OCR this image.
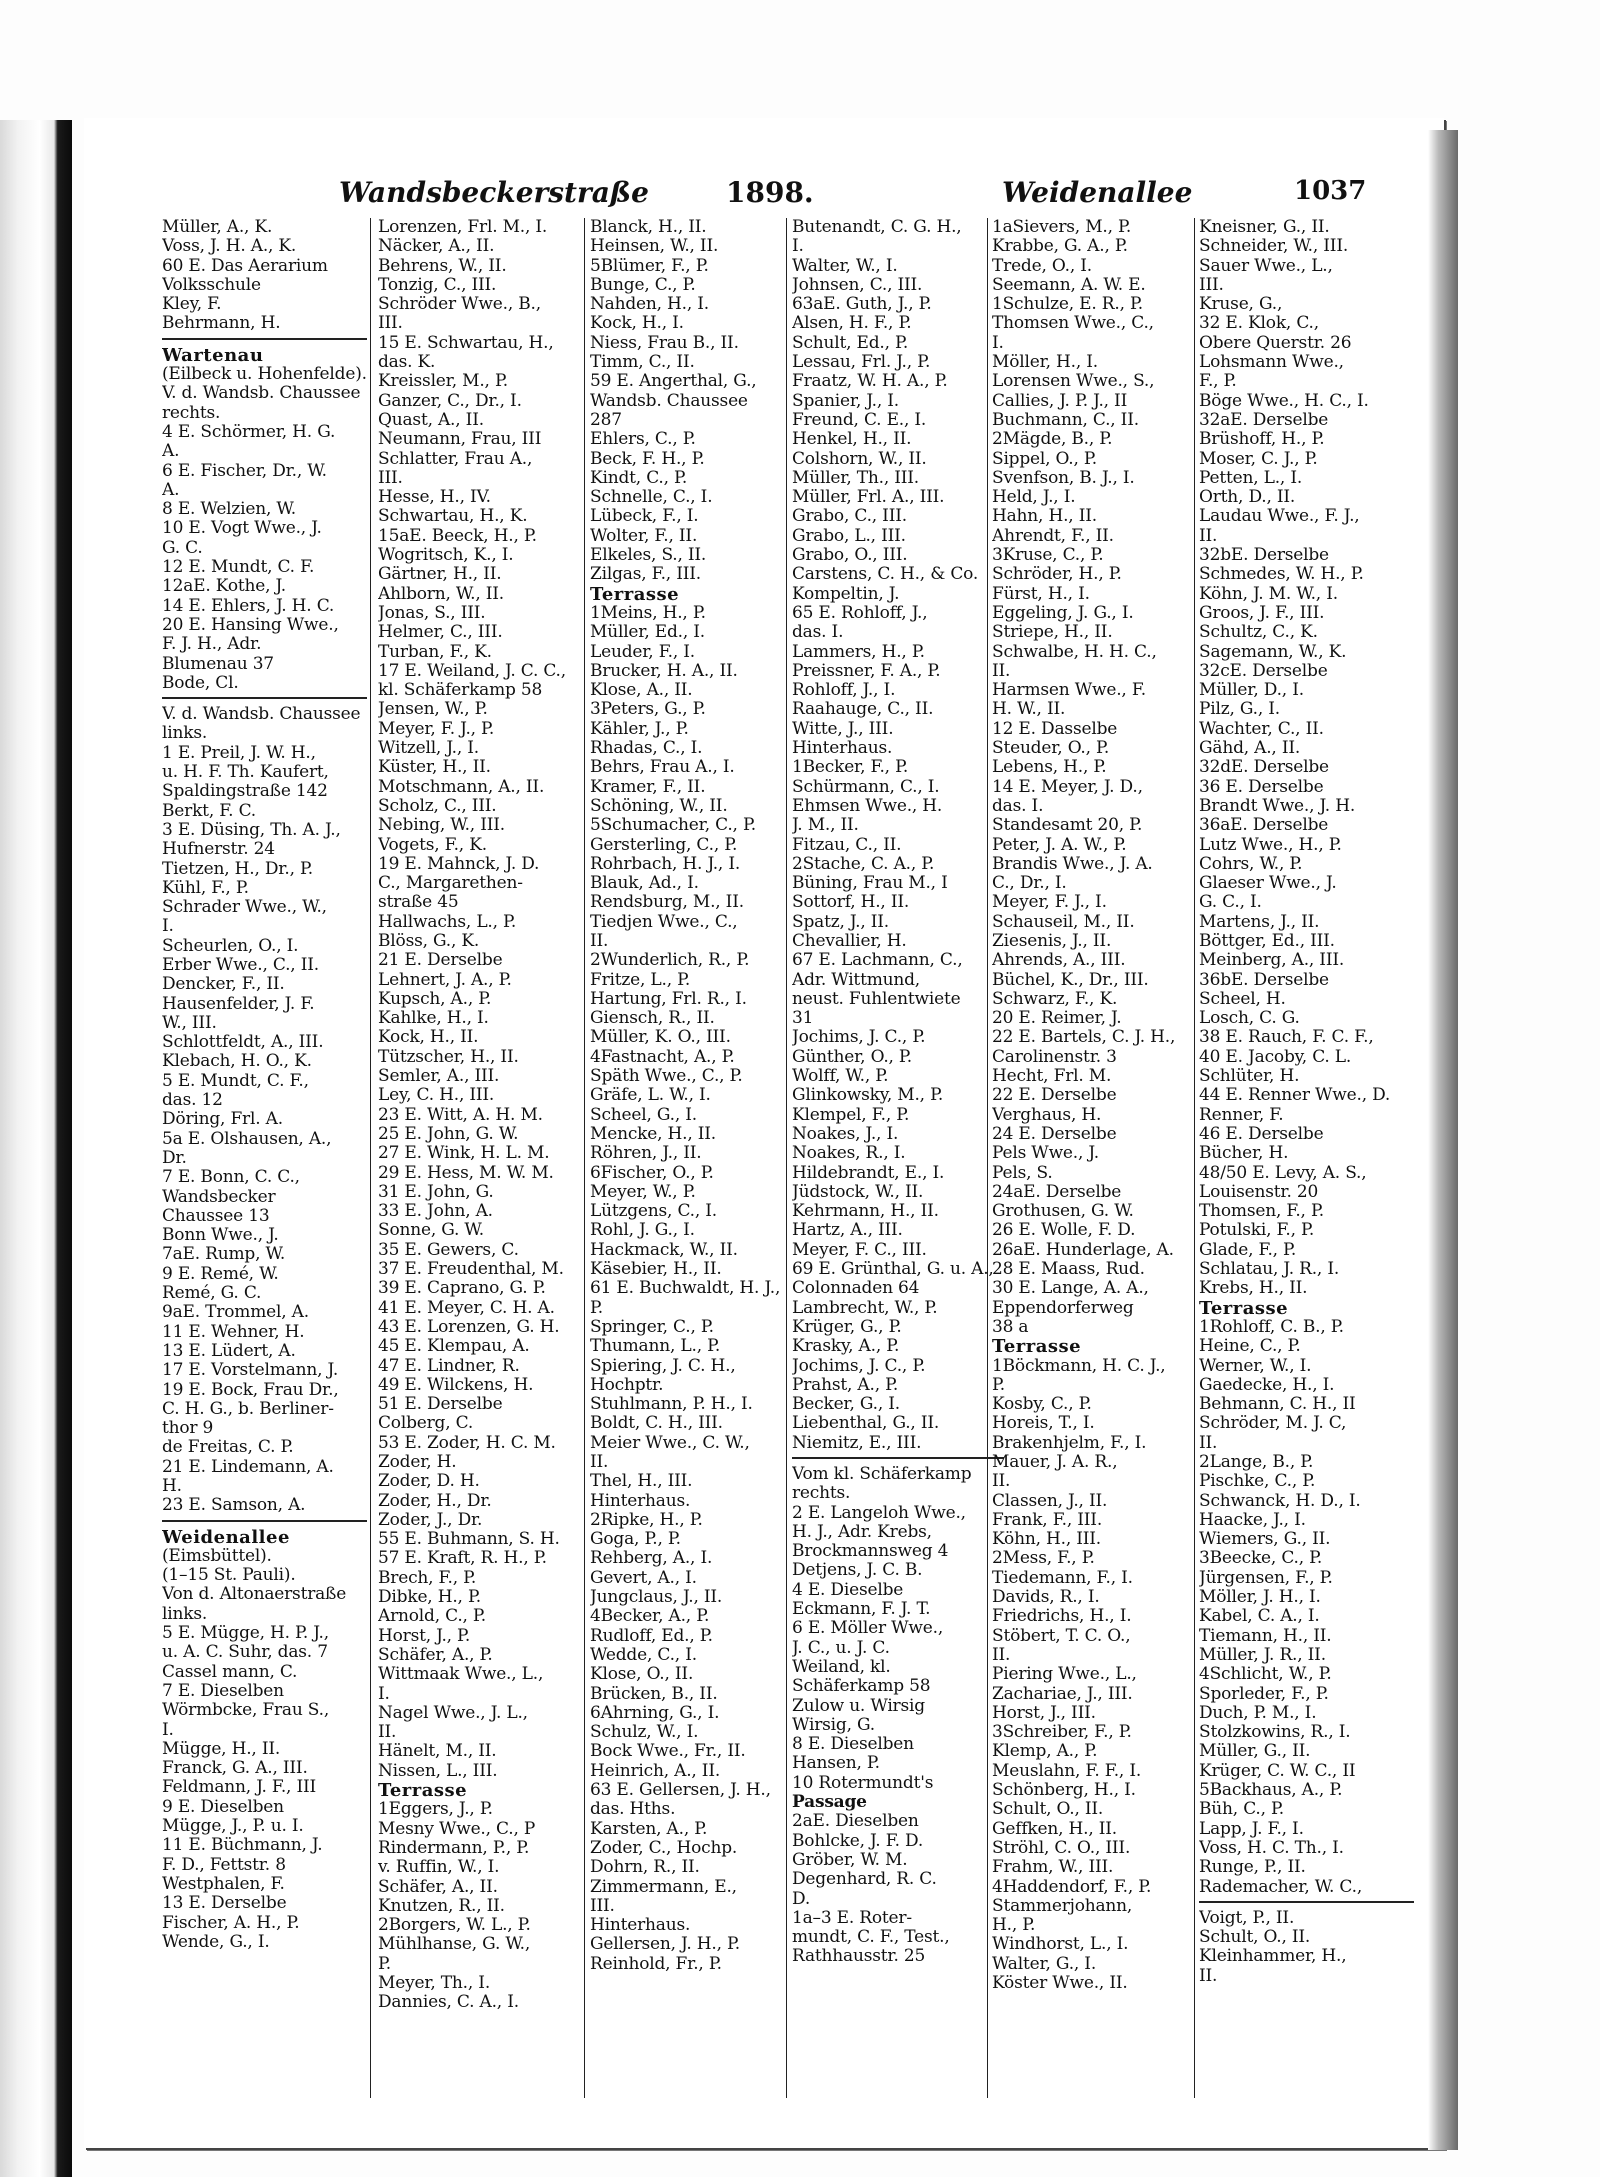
Wandsbeckerstraße	1898.	Weidenallee	1037
Müller, A., K.
Voss, J. H. A., K.
60 E. Das Aerarium
Volksschule
Kley, F.
Behrmann, H.
Wartenau
(Eilbeck u. Hohenfelde).
V. d. Wandsb. Chaussee
rechts.
4 E. Schörmer, H. G.
A.
6 E. Fischer, Dr., W.
A.
8 E. Welzien, W.
10 E. Vogt Wwe., J.
G. C.
12 E. Mundt, C. F.
12aE. Kothe, J.
14 E. Ehlers, J. H. C.
20 E. Hansing Wwe.,
F. J. H., Adr.
Blumenau 37
Bode, Cl.
V. d. Wandsb. Chaussee
links.
1 E. Preil, J. W. H.,
u. H. F. Th. Kaufert,
Spaldingstraße 142
Berkt, F. C.
3 E. Düsing, Th. A. J.,
Hufnerstr. 24
Tietzen, H., Dr., P.
Kühl, F., P.
Schrader Wwe., W.,
I.
Scheurlen, O., I.
Erber Wwe., C., II.
Dencker, F., II.
Hausenfelder, J. F.
W., III.
Schlottfeldt, A., III.
Klebach, H. O., K.
5 E. Mundt, C. F.,
das. 12
Döring, Frl. A.
5a E. Olshausen, A.,
Dr.
7 E. Bonn, C. C.,
Wandsbecker
Chaussee 13
Bonn Wwe., J.
7aE. Rump, W.
9 E. Remé, W.
Remé, G. C.
9aE. Trommel, A.
11 E. Wehner, H.
13 E. Lüdert, A.
17 E. Vorstelmann, J.
19 E. Bock, Frau Dr.,
C. H. G., b. Berliner-
thor 9
de Freitas, C. P.
21 E. Lindemann, A.
H.
23 E. Samson, A.
Weidenallee
(Eimsbüttel).
(1–15 St. Pauli).
Von d. Altonaerstraße
links.
5 E. Mügge, H. P. J.,
u. A. C. Suhr, das. 7
Cassel mann, C.
7 E. Dieselben
Wörmbcke, Frau S.,
I.
Mügge, H., II.
Franck, G. A., III.
Feldmann, J. F., III
9 E. Dieselben
Mügge, J., P. u. I.
11 E. Büchmann, J.
F. D., Fettstr. 8
Westphalen, F.
13 E. Derselbe
Fischer, A. H., P.
Wende, G., I.
Lorenzen, Frl. M., I.
Näcker, A., II.
Behrens, W., II.
Tonzig, C., III.
Schröder Wwe., B.,
III.
15 E. Schwartau, H.,
das. K.
Kreissler, M., P.
Ganzer, C., Dr., I.
Quast, A., II.
Neumann, Frau, III
Schlatter, Frau A.,
III.
Hesse, H., IV.
Schwartau, H., K.
15aE. Beeck, H., P.
Wogritsch, K., I.
Gärtner, H., II.
Ahlborn, W., II.
Jonas, S., III.
Helmer, C., III.
Turban, F., K.
17 E. Weiland, J. C. C.,
kl. Schäferkamp 58
Jensen, W., P.
Meyer, F. J., P.
Witzell, J., I.
Küster, H., II.
Motschmann, A., II.
Scholz, C., III.
Nebing, W., III.
Vogets, F., K.
19 E. Mahnck, J. D.
C., Margarethen-
straße 45
Hallwachs, L., P.
Blöss, G., K.
21 E. Derselbe
Lehnert, J. A., P.
Kupsch, A., P.
Kahlke, H., I.
Kock, H., II.
Tützscher, H., II.
Semler, A., III.
Ley, C. H., III.
23 E. Witt, A. H. M.
25 E. John, G. W.
27 E. Wink, H. L. M.
29 E. Hess, M. W. M.
31 E. John, G.
33 E. John, A.
Sonne, G. W.
35 E. Gewers, C.
37 E. Freudenthal, M.
39 E. Caprano, G. P.
41 E. Meyer, C. H. A.
43 E. Lorenzen, G. H.
45 E. Klempau, A.
47 E. Lindner, R.
49 E. Wilckens, H.
51 E. Derselbe
Colberg, C.
53 E. Zoder, H. C. M.
Zoder, H.
Zoder, D. H.
Zoder, H., Dr.
Zoder, J., Dr.
55 E. Buhmann, S. H.
57 E. Kraft, R. H., P.
Brech, F., P.
Dibke, H., P.
Arnold, C., P.
Horst, J., P.
Schäfer, A., P.
Wittmaak Wwe., L.,
I.
Nagel Wwe., J. L.,
II.
Hänelt, M., II.
Nissen, L., III.
Terrasse
1Eggers, J., P.
Mesny Wwe., C., P
Rindermann, P., P.
v. Ruffin, W., I.
Schäfer, A., II.
Knutzen, R., II.
2Borgers, W. L., P.
Mühlhanse, G. W.,
P.
Meyer, Th., I.
Dannies, C. A., I.
Blanck, H., II.
Heinsen, W., II.
5Blümer, F., P.
Bunge, C., P.
Nahden, H., I.
Kock, H., I.
Niess, Frau B., II.
Timm, C., II.
59 E. Angerthal, G.,
Wandsb. Chaussee
287
Ehlers, C., P.
Beck, F. H., P.
Kindt, C., P.
Schnelle, C., I.
Lübeck, F., I.
Wolter, F., II.
Elkeles, S., II.
Zilgas, F., III.
Terrasse
1Meins, H., P.
Müller, Ed., I.
Leuder, F., I.
Brucker, H. A., II.
Klose, A., II.
3Peters, G., P.
Kähler, J., P.
Rhadas, C., I.
Behrs, Frau A., I.
Kramer, F., II.
Schöning, W., II.
5Schumacher, C., P.
Gersterling, C., P.
Rohrbach, H. J., I.
Blauk, Ad., I.
Rendsburg, M., II.
Tiedjen Wwe., C.,
II.
2Wunderlich, R., P.
Fritze, L., P.
Hartung, Frl. R., I.
Giensch, R., II.
Müller, K. O., III.
4Fastnacht, A., P.
Späth Wwe., C., P.
Gräfe, L. W., I.
Scheel, G., I.
Mencke, H., II.
Röhren, J., II.
6Fischer, O., P.
Meyer, W., P.
Lützgens, C., I.
Rohl, J. G., I.
Hackmack, W., II.
Käsebier, H., II.
61 E. Buchwaldt, H. J.,
P.
Springer, C., P.
Thumann, L., P.
Spiering, J. C. H.,
Hochptr.
Stuhlmann, P. H., I.
Boldt, C. H., III.
Meier Wwe., C. W.,
II.
Thel, H., III.
Hinterhaus.
2Ripke, H., P.
Goga, P., P.
Rehberg, A., I.
Gevert, A., I.
Jungclaus, J., II.
4Becker, A., P.
Rudloff, Ed., P.
Wedde, C., I.
Klose, O., II.
Brücken, B., II.
6Ahrning, G., I.
Schulz, W., I.
Bock Wwe., Fr., II.
Heinrich, A., II.
63 E. Gellersen, J. H.,
das. Hths.
Karsten, A., P.
Zoder, C., Hochp.
Dohrn, R., II.
Zimmermann, E.,
III.
Hinterhaus.
Gellersen, J. H., P.
Reinhold, Fr., P.
Butenandt, C. G. H.,
I.
Walter, W., I.
Johnsen, C., III.
63aE. Guth, J., P.
Alsen, H. F., P.
Schult, Ed., P.
Lessau, Frl. J., P.
Fraatz, W. H. A., P.
Spanier, J., I.
Freund, C. E., I.
Henkel, H., II.
Colshorn, W., II.
Müller, Th., III.
Müller, Frl. A., III.
Grabo, C., III.
Grabo, L., III.
Grabo, O., III.
Carstens, C. H., & Co.
Kompeltin, J.
65 E. Rohloff, J.,
das. I.
Lammers, H., P.
Preissner, F. A., P.
Rohloff, J., I.
Raahauge, C., II.
Witte, J., III.
Hinterhaus.
1Becker, F., P.
Schürmann, C., I.
Ehmsen Wwe., H.
J. M., II.
Fitzau, C., II.
2Stache, C. A., P.
Büning, Frau M., I
Sottorf, H., II.
Spatz, J., II.
Chevallier, H.
67 E. Lachmann, C.,
Adr. Wittmund,
neust. Fuhlentwiete
31
Jochims, J. C., P.
Günther, O., P.
Wolff, W., P.
Glinkowsky, M., P.
Klempel, F., P.
Noakes, J., I.
Noakes, R., I.
Hildebrandt, E., I.
Jüdstock, W., II.
Kehrmann, H., II.
Hartz, A., III.
Meyer, F. C., III.
69 E. Grünthal, G. u. A.,
Colonnaden 64
Lambrecht, W., P.
Krüger, G., P.
Krasky, A., P.
Jochims, J. C., P.
Prahst, A., P.
Becker, G., I.
Liebenthal, G., II.
Niemitz, E., III.
Vom kl. Schäferkamp
rechts.
2 E. Langeloh Wwe.,
H. J., Adr. Krebs,
Brockmannsweg 4
Detjens, J. C. B.
4 E. Dieselbe
Eckmann, F. J. T.
6 E. Möller Wwe.,
J. C., u. J. C.
Weiland, kl.
Schäferkamp 58
Zulow u. Wirsig
Wirsig, G.
8 E. Dieselben
Hansen, P.
10 Rotermundt's
Passage
2aE. Dieselben
Bohlcke, J. F. D.
Gröber, W. M.
Degenhard, R. C.
D.
1a–3 E. Roter-
mundt, C. F., Test.,
Rathhausstr. 25
1aSievers, M., P.
Krabbe, G. A., P.
Trede, O., I.
Seemann, A. W. E.
1Schulze, E. R., P.
Thomsen Wwe., C.,
I.
Möller, H., I.
Lorensen Wwe., S.,
Callies, J. P. J., II
Buchmann, C., II.
2Mägde, B., P.
Sippel, O., P.
Svenfson, B. J., I.
Held, J., I.
Hahn, H., II.
Ahrendt, F., II.
3Kruse, C., P.
Schröder, H., P.
Fürst, H., I.
Eggeling, J. G., I.
Striepe, H., II.
Schwalbe, H. H. C.,
II.
Harmsen Wwe., F.
H. W., II.
12 E. Dasselbe
Steuder, O., P.
Lebens, H., P.
14 E. Meyer, J. D.,
das. I.
Standesamt 20, P.
Peter, J. A. W., P.
Brandis Wwe., J. A.
C., Dr., I.
Meyer, F. J., I.
Schauseil, M., II.
Ziesenis, J., II.
Ahrends, A., III.
Büchel, K., Dr., III.
Schwarz, F., K.
20 E. Reimer, J.
22 E. Bartels, C. J. H.,
Carolinenstr. 3
Hecht, Frl. M.
22 E. Derselbe
Verghaus, H.
24 E. Derselbe
Pels Wwe., J.
Pels, S.
24aE. Derselbe
Grothusen, G. W.
26 E. Wolle, F. D.
26aE. Hunderlage, A.
28 E. Maass, Rud.
30 E. Lange, A. A.,
Eppendorferweg
38 a
Terrasse
1Böckmann, H. C. J.,
P.
Kosby, C., P.
Horeis, T., I.
Brakenhjelm, F., I.
Mauer, J. A. R.,
II.
Classen, J., II.
Frank, F., III.
Köhn, H., III.
2Mess, F., P.
Tiedemann, F., I.
Davids, R., I.
Friedrichs, H., I.
Stöbert, T. C. O.,
II.
Piering Wwe., L.,
Zachariae, J., III.
Horst, J., III.
3Schreiber, F., P.
Klemp, A., P.
Meuslahn, F. F., I.
Schönberg, H., I.
Schult, O., II.
Geffken, H., II.
Ströhl, C. O., III.
Frahm, W., III.
4Haddendorf, F., P.
Stammerjohann,
H., P.
Windhorst, L., I.
Walter, G., I.
Köster Wwe., II.
Kneisner, G., II.
Schneider, W., III.
Sauer Wwe., L.,
III.
Kruse, G.,
32 E. Klok, C.,
Obere Querstr. 26
Lohsmann Wwe.,
F., P.
Böge Wwe., H. C., I.
32aE. Derselbe
Brüshoff, H., P.
Moser, C. J., P.
Petten, L., I.
Orth, D., II.
Laudau Wwe., F. J.,
II.
32bE. Derselbe
Schmedes, W. H., P.
Köhn, J. M. W., I.
Groos, J. F., III.
Schultz, C., K.
Sagemann, W., K.
32cE. Derselbe
Müller, D., I.
Pilz, G., I.
Wachter, C., II.
Gähd, A., II.
32dE. Derselbe
36 E. Derselbe
Brandt Wwe., J. H.
36aE. Derselbe
Lutz Wwe., H., P.
Cohrs, W., P.
Glaeser Wwe., J.
G. C., I.
Martens, J., II.
Böttger, Ed., III.
Meinberg, A., III.
36bE. Derselbe
Scheel, H.
Losch, C. G.
38 E. Rauch, F. C. F.,
40 E. Jacoby, C. L.
Schlüter, H.
44 E. Renner Wwe., D.
Renner, F.
46 E. Derselbe
Bücher, H.
48/50 E. Levy, A. S.,
Louisenstr. 20
Thomsen, F., P.
Potulski, F., P.
Glade, F., P.
Schlatau, J. R., I.
Krebs, H., II.
Terrasse
1Rohloff, C. B., P.
Heine, C., P.
Werner, W., I.
Gaedecke, H., I.
Behmann, C. H., II
Schröder, M. J. C,
II.
2Lange, B., P.
Pischke, C., P.
Schwanck, H. D., I.
Haacke, J., I.
Wiemers, G., II.
3Beecke, C., P.
Jürgensen, F., P.
Möller, J. H., I.
Kabel, C. A., I.
Tiemann, H., II.
Müller, J. R., II.
4Schlicht, W., P.
Sporleder, F., P.
Duch, P. M., I.
Stolzkowins, R., I.
Müller, G., II.
Krüger, C. W. C., II
5Backhaus, A., P.
Büh, C., P.
Lapp, J. F., I.
Voss, H. C. Th., I.
Runge, P., II.
Rademacher, W. C.,
Voigt, P., II.
Schult, O., II.
Kleinhammer, H.,
II.
